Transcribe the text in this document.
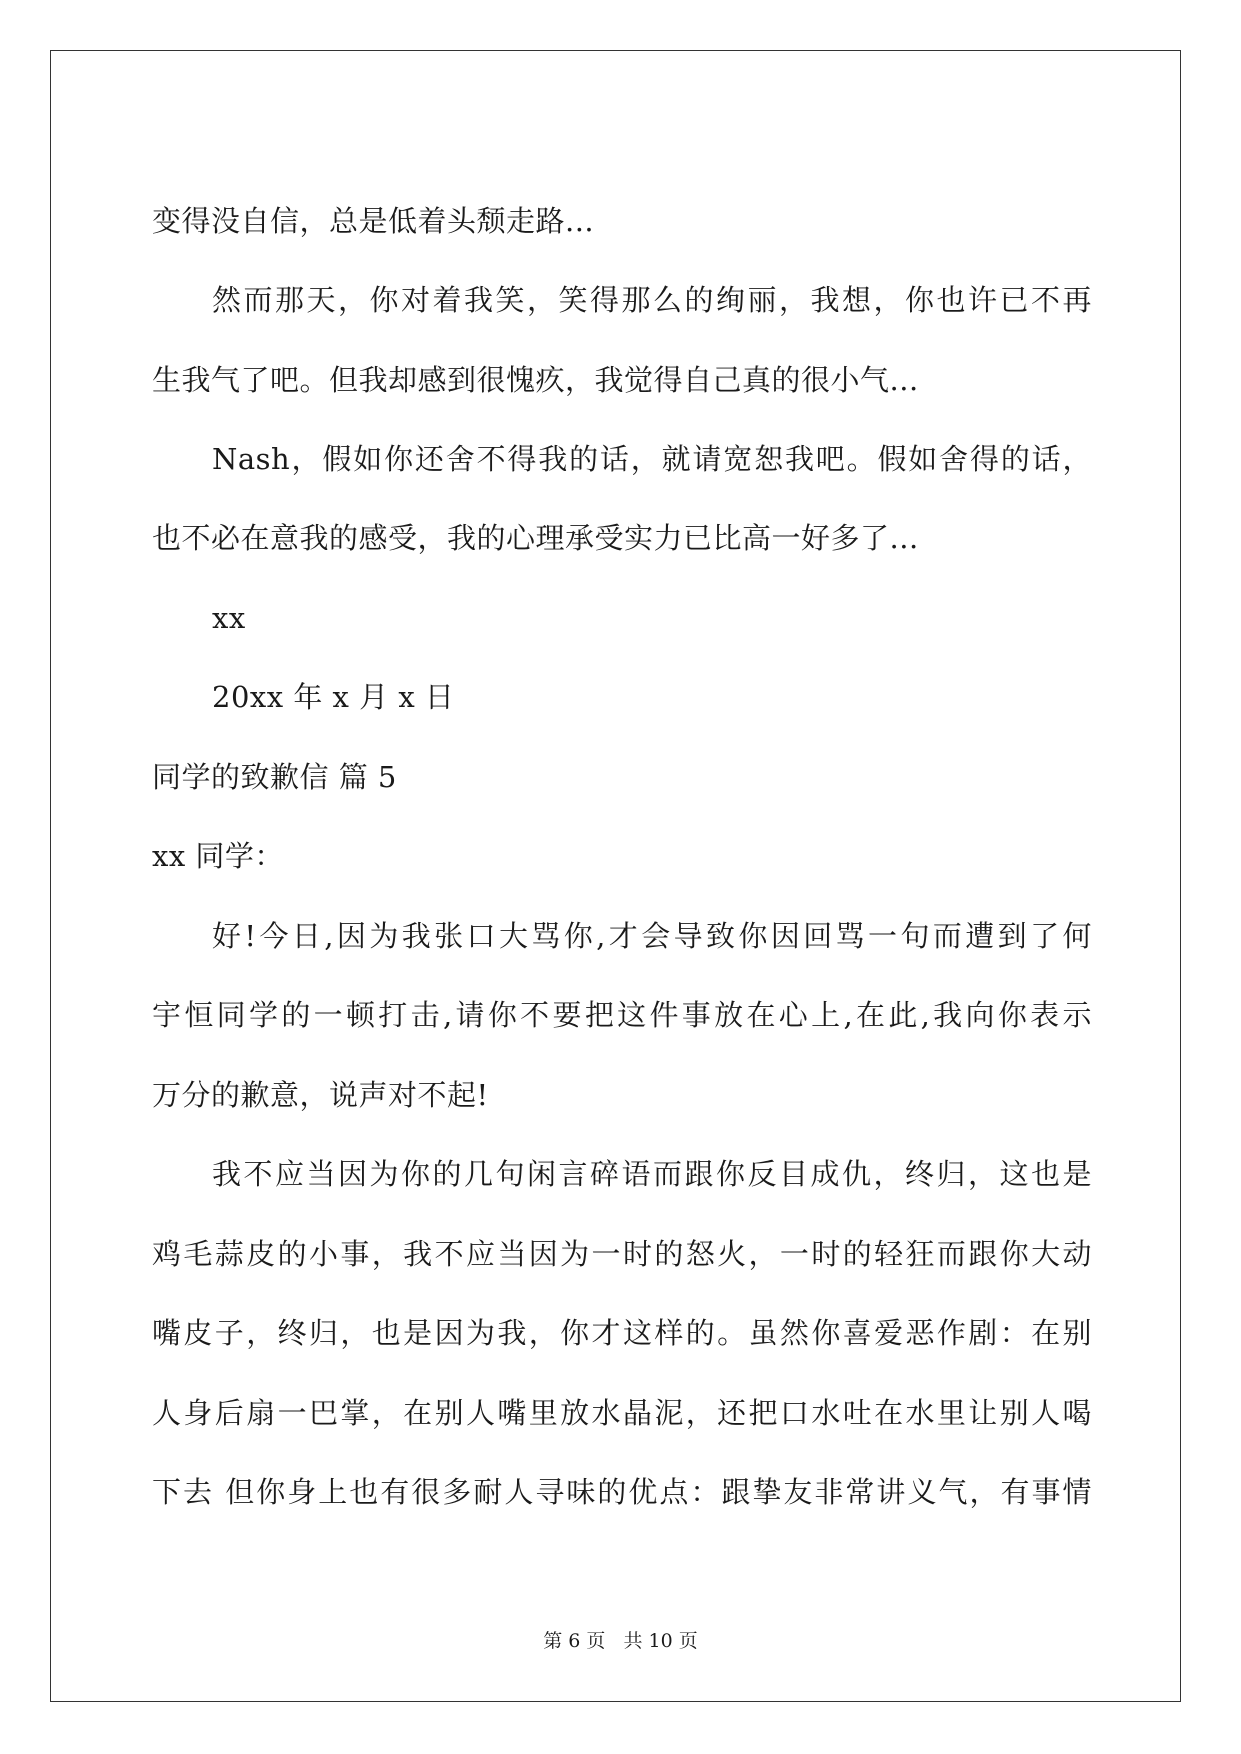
变得没自信，总是低着头颓走路...
然而那天，你对着我笑，笑得那么的绚丽，我想，你也许已不再
生我气了吧。但我却感到很愧疚，我觉得自己真的很小气...
Nash，假如你还舍不得我的话，就请宽恕我吧。假如舍得的话，
也不必在意我的感受，我的心理承受实力已比高一好多了...
xx
20xx 年 x 月 x 日
同学的致歉信 篇 5
xx 同学：
好!今日,因为我张口大骂你,才会导致你因回骂一句而遭到了何
宇恒同学的一顿打击,请你不要把这件事放在心上,在此,我向你表示
万分的歉意，说声对不起!
我不应当因为你的几句闲言碎语而跟你反目成仇，终归，这也是
鸡毛蒜皮的小事，我不应当因为一时的怒火，一时的轻狂而跟你大动
嘴皮子，终归，也是因为我，你才这样的。虽然你喜爱恶作剧：在别
人身后扇一巴掌，在别人嘴里放水晶泥，还把口水吐在水里让别人喝
下去 但你身上也有很多耐人寻味的优点：跟挚友非常讲义气，有事情
第 6 页 共 10 页
